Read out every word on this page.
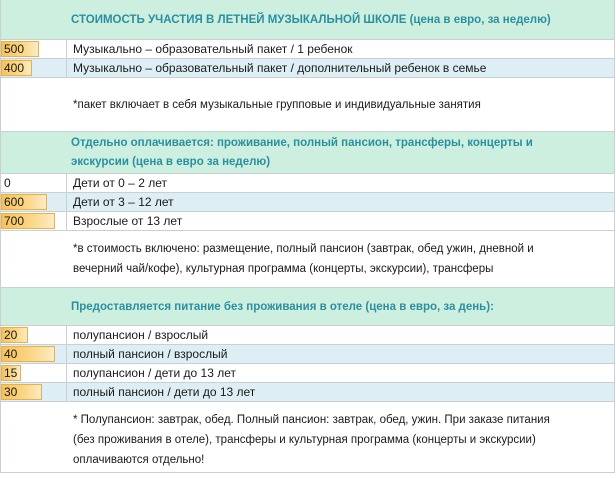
СТОИМОСТЬ УЧАСТИЯ В ЛЕТНЕЙ МУЗЫКАЛЬНОЙ ШКОЛЕ (цена в евро, за неделю)
500	Музыкально – образовательный пакет / 1 ребенок
400	Музыкально – образовательный пакет / дополнительный ребенок в семье
*пакет включает в себя музыкальные групповые и индивидуальные занятия
Отдельно оплачивается: проживание, полный пансион, трансферы, концерты и
экскурсии (цена в евро за неделю)
0	Дети от 0 – 2 лет
600	Дети от 3 – 12 лет
700	Взрослые от 13 лет
*в стоимость включено: размещение, полный пансион (завтрак, обед ужин, дневной и
вечерний чай/кофе), культурная программа (концерты, экскурсии), трансферы
Предоставляется питание без проживания в отеле (цена в евро, за день):
20	полупансион / взрослый
40	полный пансион / взрослый
15	полупансион / дети до 13 лет
30	полный пансион / дети до 13 лет
* Полупансион: завтрак, обед. Полный пансион: завтрак, обед, ужин. При заказе питания
(без проживания в отеле), трансферы и культурная программа (концерты и экскурсии)
оплачиваются отдельно!
